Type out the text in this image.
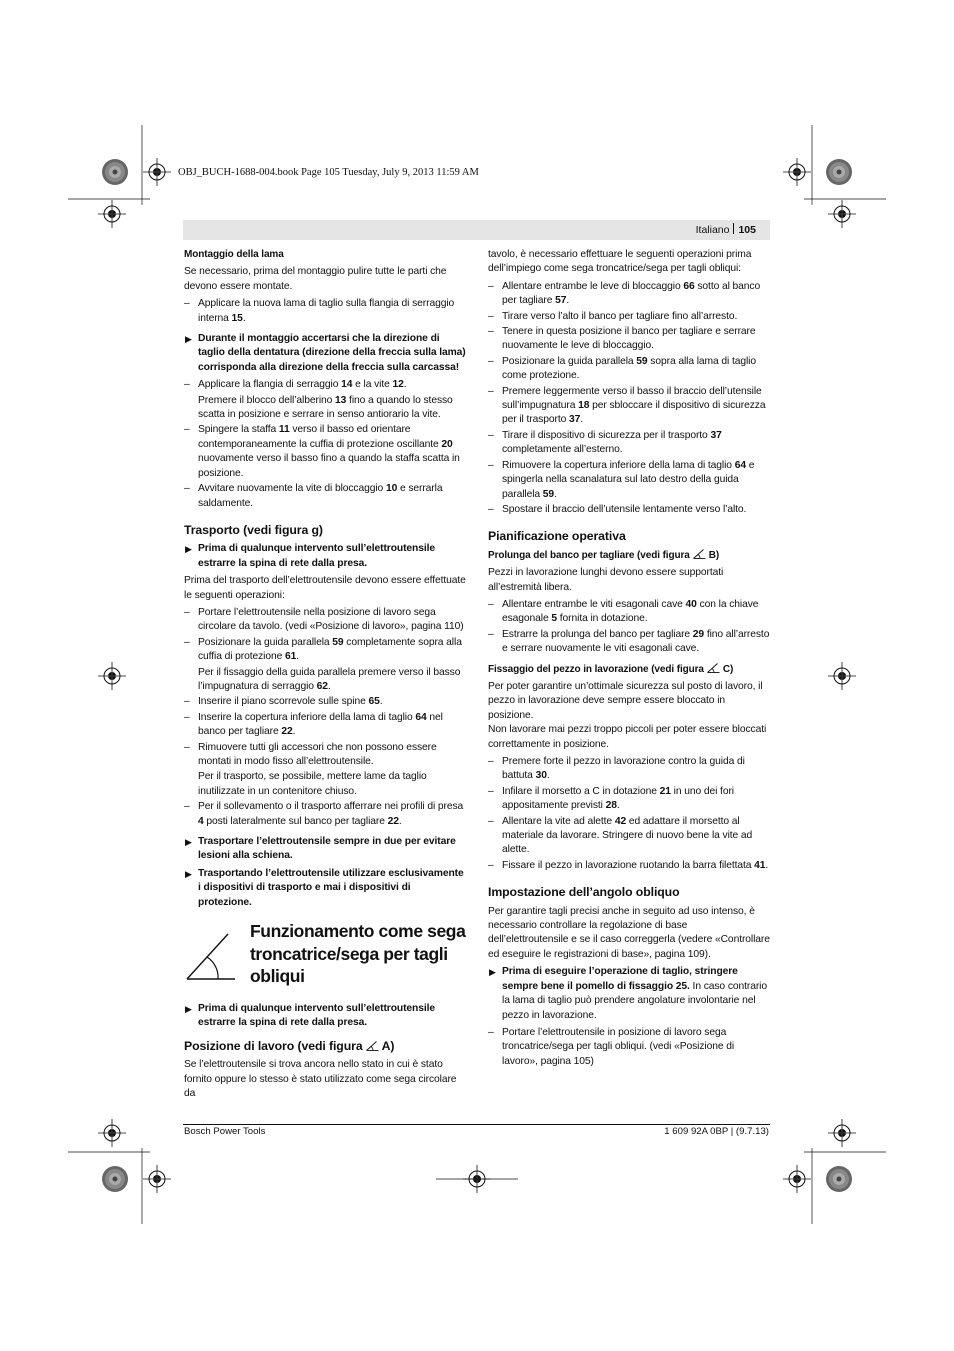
OBJ_BUCH-1688-004.book Page 105 Tuesday, July 9, 2013 11:59 AM
Italiano 105
Montaggio della lama
Se necessario, prima del montaggio pulire tutte le parti che devono essere montate.
– Applicare la nuova lama di taglio sulla flangia di serraggio interna 15.
▶ Durante il montaggio accertarsi che la direzione di taglio della dentatura (direzione della freccia sulla lama) corrisponda alla direzione della freccia sulla carcassa!
– Applicare la flangia di serraggio 14 e la vite 12.
Premere il blocco dell’alberino 13 fino a quando lo stesso scatta in posizione e serrare in senso antiorario la vite.
– Spingere la staffa 11 verso il basso ed orientare contemporaneamente la cuffia di protezione oscillante 20 nuovamente verso il basso fino a quando la staffa scatta in posizione.
– Avvitare nuovamente la vite di bloccaggio 10 e serrarla saldamente.
Trasporto (vedi figura g)
▶ Prima di qualunque intervento sull’elettroutensile estrarre la spina di rete dalla presa.
Prima del trasporto dell’elettroutensile devono essere effettuate le seguenti operazioni:
– Portare l’elettroutensile nella posizione di lavoro sega circolare da tavolo. (vedi «Posizione di lavoro», pagina 110)
– Posizionare la guida parallela 59 completamente sopra alla cuffia di protezione 61.
Per il fissaggio della guida parallela premere verso il basso l’impugnatura di serraggio 62.
– Inserire il piano scorrevole sulle spine 65.
– Inserire la copertura inferiore della lama di taglio 64 nel banco per tagliare 22.
– Rimuovere tutti gli accessori che non possono essere montati in modo fisso all’elettroutensile.
Per il trasporto, se possibile, mettere lame da taglio inutilizzate in un contenitore chiuso.
– Per il sollevamento o il trasporto afferrare nei profili di presa 4 posti lateralmente sul banco per tagliare 22.
▶ Trasportare l’elettroutensile sempre in due per evitare lesioni alla schiena.
▶ Trasportando l’elettroutensile utilizzare esclusivamente i dispositivi di trasporto e mai i dispositivi di protezione.
Funzionamento come sega troncatrice/sega per tagli obliqui
▶ Prima di qualunque intervento sull’elettroutensile estrarre la spina di rete dalla presa.
Posizione di lavoro (vedi figura A)
Se l’elettroutensile si trova ancora nello stato in cui è stato fornito oppure lo stesso è stato utilizzato come sega circolare da
tavolo, è necessario effettuare le seguenti operazioni prima dell’impiego come sega troncatrice/sega per tagli obliqui:
– Allentare entrambe le leve di bloccaggio 66 sotto al banco per tagliare 57.
– Tirare verso l’alto il banco per tagliare fino all’arresto.
– Tenere in questa posizione il banco per tagliare e serrare nuovamente le leve di bloccaggio.
– Posizionare la guida parallela 59 sopra alla lama di taglio come protezione.
– Premere leggermente verso il basso il braccio dell’utensile sull’impugnatura 18 per sbloccare il dispositivo di sicurezza per il trasporto 37.
– Tirare il dispositivo di sicurezza per il trasporto 37 completamente all’esterno.
– Rimuovere la copertura inferiore della lama di taglio 64 e spingerla nella scanalatura sul lato destro della guida parallela 59.
– Spostare il braccio dell’utensile lentamente verso l’alto.
Pianificazione operativa
Prolunga del banco per tagliare (vedi figura B)
Pezzi in lavorazione lunghi devono essere supportati all’estremità libera.
– Allentare entrambe le viti esagonali cave 40 con la chiave esagonale 5 fornita in dotazione.
– Estrarre la prolunga del banco per tagliare 29 fino all’arresto e serrare nuovamente le viti esagonali cave.
Fissaggio del pezzo in lavorazione (vedi figura C)
Per poter garantire un’ottimale sicurezza sul posto di lavoro, il pezzo in lavorazione deve sempre essere bloccato in posizione.
Non lavorare mai pezzi troppo piccoli per poter essere bloccati correttamente in posizione.
– Premere forte il pezzo in lavorazione contro la guida di battuta 30.
– Infilare il morsetto a C in dotazione 21 in uno dei fori appositamente previsti 28.
– Allentare la vite ad alette 42 ed adattare il morsetto al materiale da lavorare. Stringere di nuovo bene la vite ad alette.
– Fissare il pezzo in lavorazione ruotando la barra filettata 41.
Impostazione dell’angolo obliquo
Per garantire tagli precisi anche in seguito ad uso intenso, è necessario controllare la regolazione di base dell’elettroutensile e se il caso correggerla (vedere «Controllare ed eseguire le registrazioni di base», pagina 109).
▶ Prima di eseguire l’operazione di taglio, stringere sempre bene il pomello di fissaggio 25. In caso contrario la lama di taglio può prendere angolature involontarie nel pezzo in lavorazione.
– Portare l’elettroutensile in posizione di lavoro sega troncatrice/sega per tagli obliqui. (vedi «Posizione di lavoro», pagina 105)
Bosch Power Tools	1 609 92A 0BP | (9.7.13)
